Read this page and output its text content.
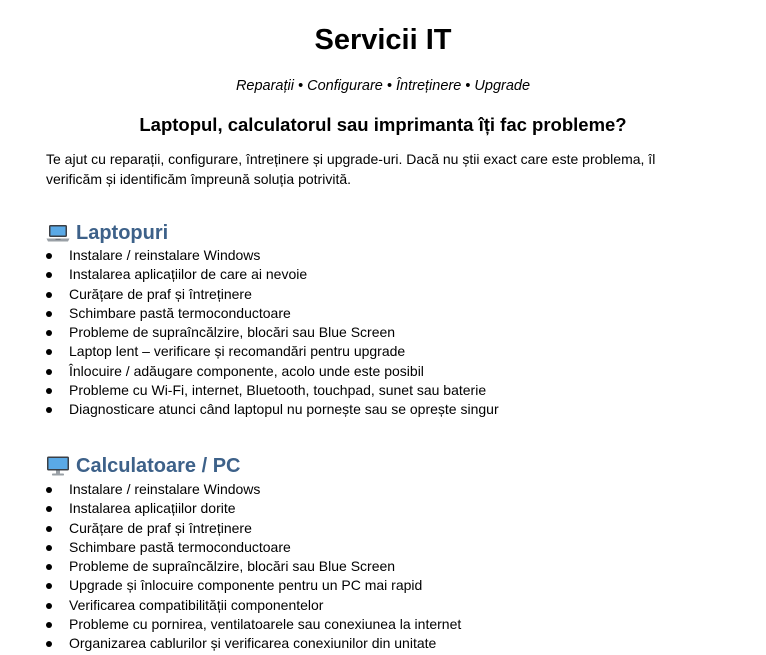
Servicii IT
Reparații • Configurare • Întreținere • Upgrade
Laptopul, calculatorul sau imprimanta îți fac probleme?
Te ajut cu reparații, configurare, întreținere și upgrade-uri. Dacă nu știi exact care este problema, îl verificăm și identificăm împreună soluția potrivită.
Laptopuri
Instalare / reinstalare Windows
Instalarea aplicațiilor de care ai nevoie
Curățare de praf și întreținere
Schimbare pastă termoconductoare
Probleme de supraîncălzire, blocări sau Blue Screen
Laptop lent – verificare și recomandări pentru upgrade
Înlocuire / adăugare componente, acolo unde este posibil
Probleme cu Wi-Fi, internet, Bluetooth, touchpad, sunet sau baterie
Diagnosticare atunci când laptopul nu pornește sau se oprește singur
Calculatoare / PC
Instalare / reinstalare Windows
Instalarea aplicațiilor dorite
Curățare de praf și întreținere
Schimbare pastă termoconductoare
Probleme de supraîncălzire, blocări sau Blue Screen
Upgrade și înlocuire componente pentru un PC mai rapid
Verificarea compatibilității componentelor
Probleme cu pornirea, ventilatoarele sau conexiunea la internet
Organizarea cablurilor și verificarea conexiunilor din unitate
